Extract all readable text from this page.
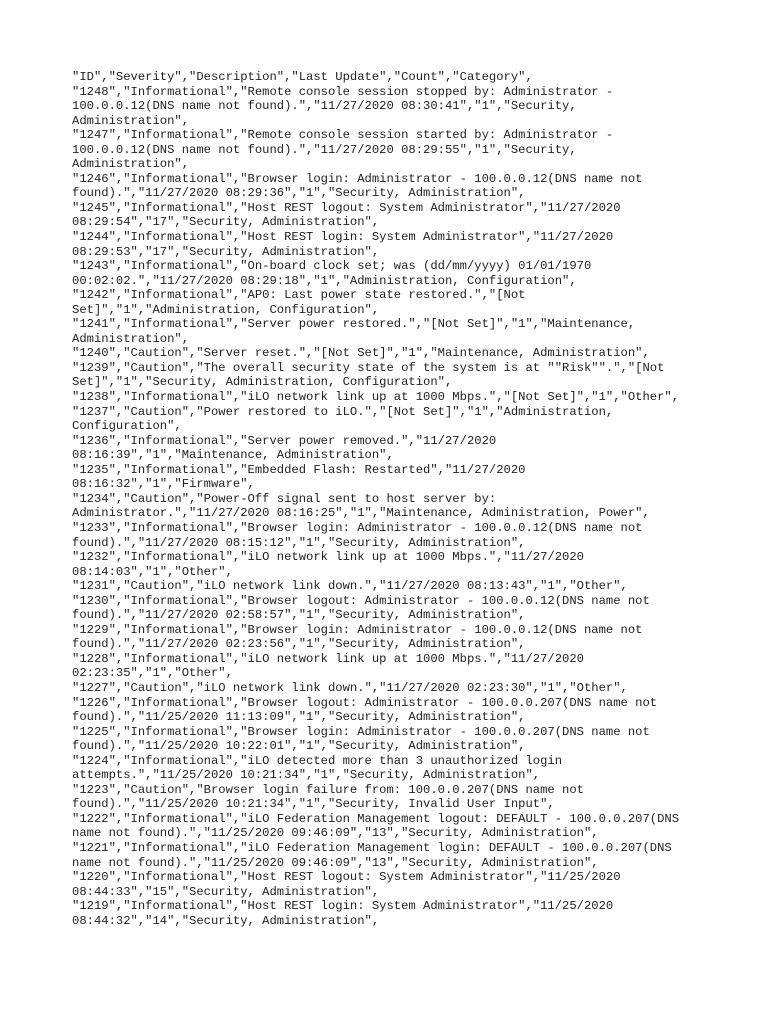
"ID","Severity","Description","Last Update","Count","Category",
"1248","Informational","Remote console session stopped by: Administrator -
100.0.0.12(DNS name not found).","11/27/2020 08:30:41","1","Security,
Administration",
"1247","Informational","Remote console session started by: Administrator -
100.0.0.12(DNS name not found).","11/27/2020 08:29:55","1","Security,
Administration",
"1246","Informational","Browser login: Administrator - 100.0.0.12(DNS name not
found).","11/27/2020 08:29:36","1","Security, Administration",
"1245","Informational","Host REST logout: System Administrator","11/27/2020
08:29:54","17","Security, Administration",
"1244","Informational","Host REST login: System Administrator","11/27/2020
08:29:53","17","Security, Administration",
"1243","Informational","On-board clock set; was (dd/mm/yyyy) 01/01/1970
00:02:02.","11/27/2020 08:29:18","1","Administration, Configuration",
"1242","Informational","AP0: Last power state restored.","[Not
Set]","1","Administration, Configuration",
"1241","Informational","Server power restored.","[Not Set]","1","Maintenance,
Administration",
"1240","Caution","Server reset.","[Not Set]","1","Maintenance, Administration",
"1239","Caution","The overall security state of the system is at ""Risk"".","[Not
Set]","1","Security, Administration, Configuration",
"1238","Informational","iLO network link up at 1000 Mbps.","[Not Set]","1","Other",
"1237","Caution","Power restored to iLO.","[Not Set]","1","Administration,
Configuration",
"1236","Informational","Server power removed.","11/27/2020
08:16:39","1","Maintenance, Administration",
"1235","Informational","Embedded Flash: Restarted","11/27/2020
08:16:32","1","Firmware",
"1234","Caution","Power-Off signal sent to host server by:
Administrator.","11/27/2020 08:16:25","1","Maintenance, Administration, Power",
"1233","Informational","Browser login: Administrator - 100.0.0.12(DNS name not
found).","11/27/2020 08:15:12","1","Security, Administration",
"1232","Informational","iLO network link up at 1000 Mbps.","11/27/2020
08:14:03","1","Other",
"1231","Caution","iLO network link down.","11/27/2020 08:13:43","1","Other",
"1230","Informational","Browser logout: Administrator - 100.0.0.12(DNS name not
found).","11/27/2020 02:58:57","1","Security, Administration",
"1229","Informational","Browser login: Administrator - 100.0.0.12(DNS name not
found).","11/27/2020 02:23:56","1","Security, Administration",
"1228","Informational","iLO network link up at 1000 Mbps.","11/27/2020
02:23:35","1","Other",
"1227","Caution","iLO network link down.","11/27/2020 02:23:30","1","Other",
"1226","Informational","Browser logout: Administrator - 100.0.0.207(DNS name not
found).","11/25/2020 11:13:09","1","Security, Administration",
"1225","Informational","Browser login: Administrator - 100.0.0.207(DNS name not
found).","11/25/2020 10:22:01","1","Security, Administration",
"1224","Informational","iLO detected more than 3 unauthorized login
attempts.","11/25/2020 10:21:34","1","Security, Administration",
"1223","Caution","Browser login failure from: 100.0.0.207(DNS name not
found).","11/25/2020 10:21:34","1","Security, Invalid User Input",
"1222","Informational","iLO Federation Management logout: DEFAULT - 100.0.0.207(DNS
name not found).","11/25/2020 09:46:09","13","Security, Administration",
"1221","Informational","iLO Federation Management login: DEFAULT - 100.0.0.207(DNS
name not found).","11/25/2020 09:46:09","13","Security, Administration",
"1220","Informational","Host REST logout: System Administrator","11/25/2020
08:44:33","15","Security, Administration",
"1219","Informational","Host REST login: System Administrator","11/25/2020
08:44:32","14","Security, Administration",
